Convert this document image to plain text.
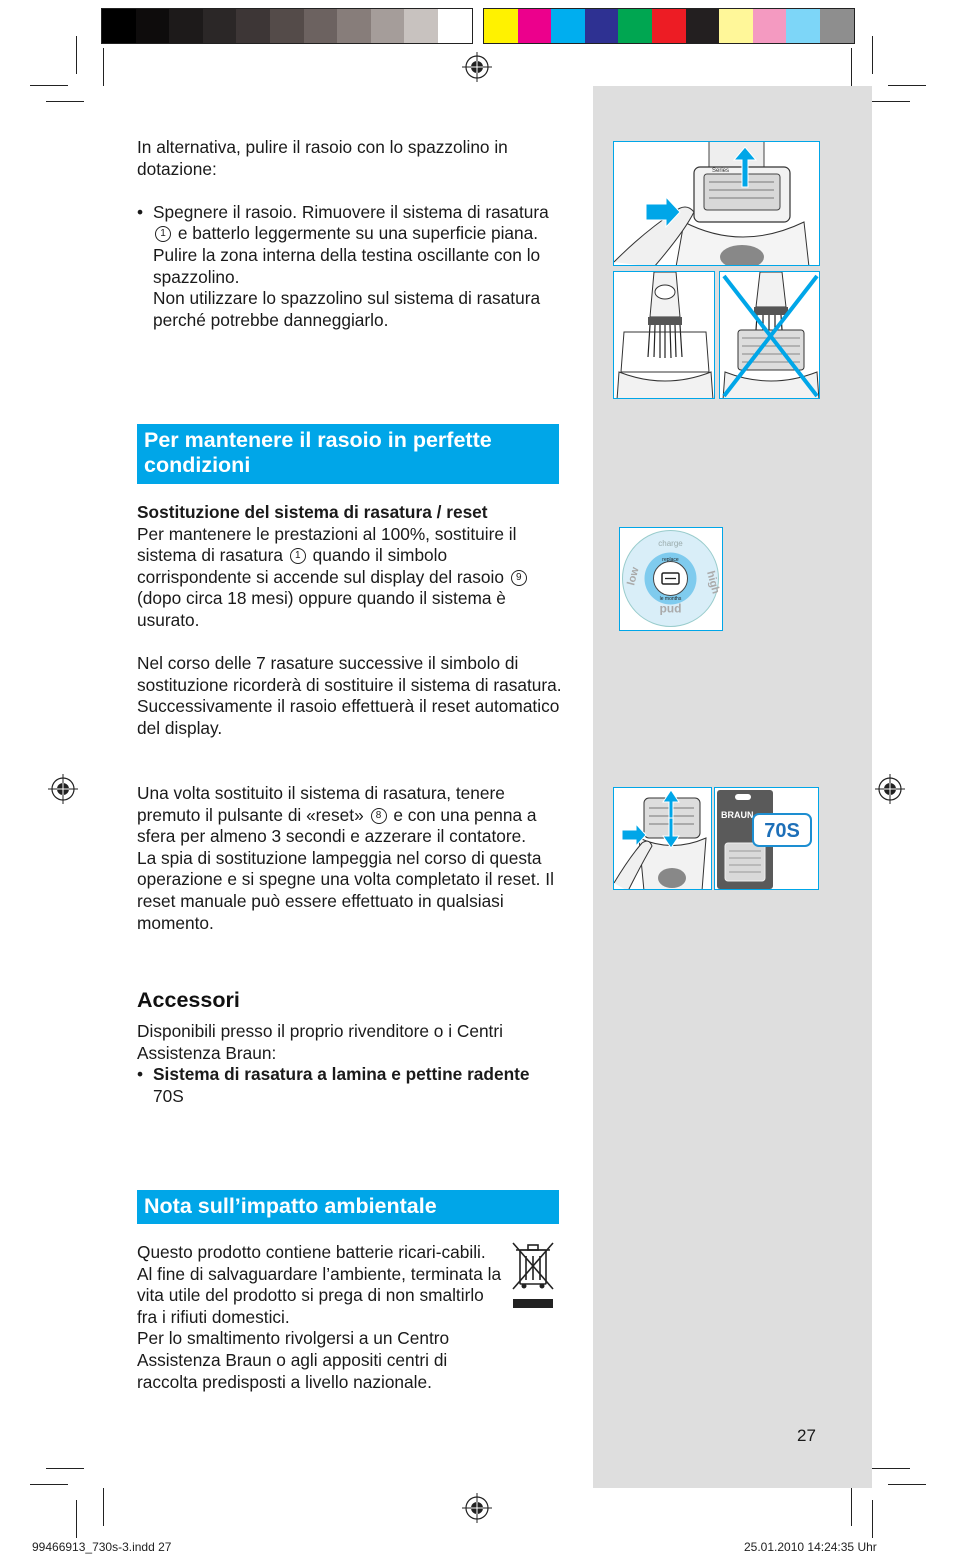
In alternativa, pulire il rasoio con lo spazzolino in dotazione:

• Spegnere il rasoio. Rimuovere il sistema di rasatura 1 e batterlo leggermente su una superficie piana. Pulire la zona interna della testina oscillante con lo spazzolino.
Non utilizzare lo spazzolino sul sistema di rasatura perché potrebbe danneggiarlo.

Per mantenere il rasoio in perfette condizioni

Sostituzione del sistema di rasatura / reset

Per mantenere le prestazioni al 100%, sostituire il sistema di rasatura 1 quando il simbolo corrispondente si accende sul display del rasoio 9 (dopo circa 18 mesi) oppure quando il sistema è usurato.

Nel corso delle 7 rasature successive il simbolo di sostituzione ricorderà di sostituire il sistema di rasatura. Successivamente il rasoio effettuerà il reset automatico del display.

Una volta sostituito il sistema di rasatura, tenere premuto il pulsante di «reset» 8 e con una penna a sfera per almeno 3 secondi e azzerare il contatore.

La spia di sostituzione lampeggia nel corso di questa operazione e si spegne una volta completato il reset. Il reset manuale può essere effettuato in qualsiasi momento.

Accessori

Disponibili presso il proprio rivenditore o i Centri Assistenza Braun:

• Sistema di rasatura a lamina e pettine radente 70S

Nota sull’impatto ambientale

Questo prodotto contiene batterie ricari-cabili. Al fine di salvaguardare l’ambiente, terminata la vita utile del prodotto si prega di non smaltirlo fra i rifiuti domestici.

Per lo smaltimento rivolgersi a un Centro Assistenza Braun o agli appositi centri di raccolta predisposti a livello nazionale.

Series
charge
low	high
pnd
replace
le months
BRAUN
70S
27
99466913_730s-3.indd 27	25.01.2010 14:24:35 Uhr
